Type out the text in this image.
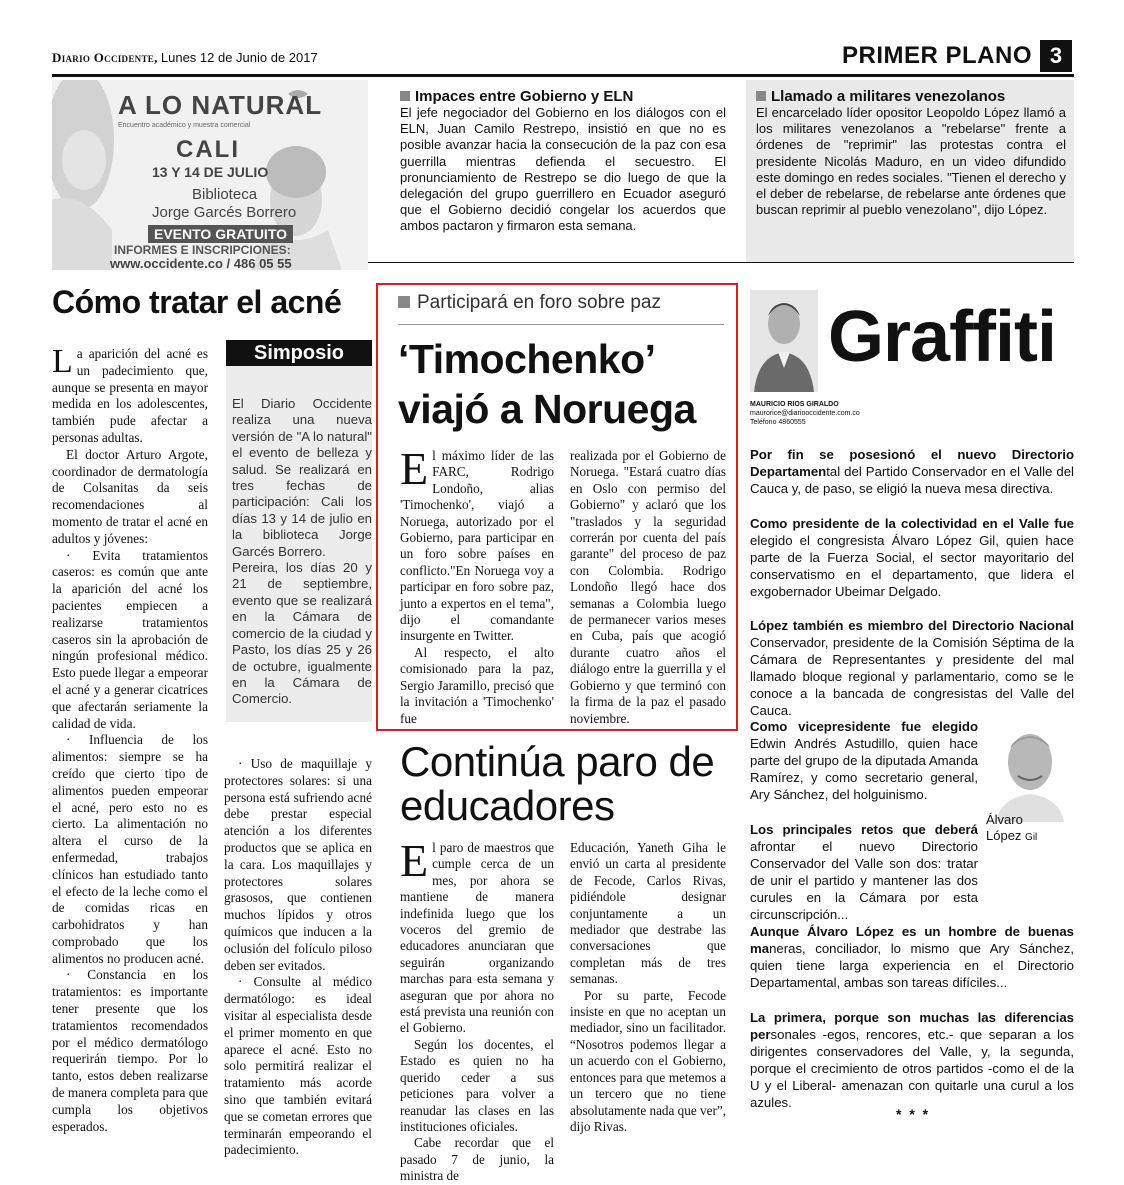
Diario Occidente, Lunes 12 de Junio de 2017	PRIMER PLANO 3
A LO NATURAL
Encuentro académico y muestra comercial
CALI
13 Y 14 DE JULIO
Biblioteca
Jorge Garcés Borrero
EVENTO GRATUITO
INFORMES E INSCRIPCIONES:
www.occidente.co / 486 05 55
Impaces entre Gobierno y ELN
El jefe negociador del Gobierno en los diálogos con el ELN, Juan Camilo Restrepo, insistió en que no es posible avanzar hacia la consecución de la paz con esa guerrilla mientras defienda el secuestro. El pronunciamiento de Restrepo se dio luego de que la delegación del grupo guerrillero en Ecuador aseguró que el Gobierno decidió congelar los acuerdos que ambos pactaron y firmaron esta semana.
Llamado a militares venezolanos
El encarcelado líder opositor Leopoldo López llamó a los militares venezolanos a "rebelarse" frente a órdenes de "reprimir" las protestas contra el presidente Nicolás Maduro, en un video difundido este domingo en redes sociales. "Tienen el derecho y el deber de rebelarse, de rebelarse ante órdenes que buscan reprimir al pueblo venezolano'', dijo López.
Cómo tratar el acné

La aparición del acné es un padecimiento que, aunque se presenta en mayor medida en los adolescentes, también pude afectar a personas adultas.

El doctor Arturo Argote, coordinador de dermatología de Colsanitas da seis recomendaciones al momento de tratar el acné en adultos y jóvenes:

· Evita tratamientos caseros: es común que ante la aparición del acné los pacientes empiecen a realizarse tratamientos caseros sin la aprobación de ningún profesional médico. Esto puede llegar a empeorar el acné y a generar cicatrices que afectarán seriamente la calidad de vida.

· Influencia de los alimentos: siempre se ha creído que cierto tipo de alimentos pueden empeorar el acné, pero esto no es cierto. La alimentación no altera el curso de la enfermedad, trabajos clínicos han estudiado tanto el efecto de la leche como el de comidas ricas en carbohidratos y han comprobado que los alimentos no producen acné.

· Constancia en los tratamientos: es importante tener presente que los tratamientos recomendados por el médico dermatólogo requerirán tiempo. Por lo tanto, estos deben realizarse de manera completa para que cumpla los objetivos esperados.

· Uso de maquillaje y protectores solares: si una persona está sufriendo acné debe prestar especial atención a los diferentes productos que se aplica en la cara. Los maquillajes y protectores solares grasosos, que contienen muchos lípidos y otros químicos que inducen a la oclusión del folículo piloso deben ser evitados.

· Consulte al médico dermatólogo: es ideal visitar al especialista desde el primer momento en que aparece el acné. Esto no solo permitirá realizar el tratamiento más acorde sino que también evitará que se cometan errores que terminarán empeorando el padecimiento.

Simposio

El Diario Occidente realiza una nueva versión de "A lo natural" el evento de belleza y salud. Se realizará en tres fechas de participación: Cali los días 13 y 14 de julio en la biblioteca Jorge Garcés Borrero.

Pereira, los días 20 y 21 de septiembre, evento que se realizará en la Cámara de comercio de la ciudad y Pasto, los días 25 y 26 de octubre, igualmente en la Cámara de Comercio.

Participará en foro sobre paz
‘Timochenko’ viajó a Noruega

El máximo líder de las FARC, Rodrigo Londoño, alias 'Timochenko', viajó a Noruega, autorizado por el Gobierno, para participar en un foro sobre países en conflicto."En Noruega voy a participar en foro sobre paz, junto a expertos en el tema", dijo el comandante insurgente en Twitter.

Al respecto, el alto comisionado para la paz, Sergio Jaramillo, precisó que la invitación a 'Timochenko' fue

realizada por el Gobierno de Noruega. "Estará cuatro días en Oslo con permiso del Gobierno" y aclaró que los "traslados y la seguridad correrán por cuenta del país garante" del proceso de paz con Colombia. Rodrigo Londoño llegó hace dos semanas a Colombia luego de permanecer varios meses en Cuba, país que acogió durante cuatro años el diálogo entre la guerrilla y el Gobierno y que terminó con la firma de la paz el pasado noviembre.

Continúa paro de educadores

El paro de maestros que cumple cerca de un mes, por ahora se mantiene de manera indefinida luego que los voceros del gremio de educadores anunciaran que seguirán organizando marchas para esta semana y aseguran que por ahora no está prevista una reunión con el Gobierno.

Según los docentes, el Estado es quien no ha querido ceder a sus peticiones para volver a reanudar las clases en las instituciones oficiales.

Cabe recordar que el pasado 7 de junio, la ministra de

Educación, Yaneth Giha le envió un carta al presidente de Fecode, Carlos Rivas, pidiéndole designar conjuntamente a un mediador que destrabe las conversaciones que completan más de tres semanas.

Por su parte, Fecode insiste en que no aceptan un mediador, sino un facilitador. “Nosotros podemos llegar a un acuerdo con el Gobierno, entonces para que metemos a un tercero que no tiene absolutamente nada que ver”, dijo Rivas.

Graffiti
MAURICIO RIOS GIRALDO
maurorice@diariooccidente.com.co
Teléfono 4860555
Por fin se posesionó el nuevo Directorio Departamental del Partido Conservador en el Valle del Cauca y, de paso, se eligió la nueva mesa directiva.
Como presidente de la colectividad en el Valle fue elegido el congresista Álvaro López Gil, quien hace parte de la Fuerza Social, el sector mayoritario del conservatismo en el departamento, que lidera el exgobernador Ubeimar Delgado.
López también es miembro del Directorio Nacional Conservador, presidente de la Comisión Séptima de la Cámara de Representantes y presidente del mal llamado bloque regional y parlamentario, como se le conoce a la bancada de congresistas del Valle del Cauca.
Como vicepresidente fue elegido Edwin Andrés Astudillo, quien hace parte del grupo de la diputada Amanda Ramírez, y como secretario general, Ary Sánchez, del holguinismo.
Los principales retos que deberá afrontar el nuevo Directorio Conservador del Valle son dos: tratar de unir el partido y mantener las dos curules en la Cámara por esta circunscripción...
Aunque Álvaro López es un hombre de buenas maneras, conciliador, lo mismo que Ary Sánchez, quien tiene larga experiencia en el Directorio Departamental, ambas son tareas difíciles...
La primera, porque son muchas las diferencias personales -egos, rencores, etc.- que separan a los dirigentes conservadores del Valle, y, la segunda, porque el crecimiento de otros partidos -como el de la U y el Liberal- amenazan con quitarle una curul a los azules.
Álvaro
López Gil
* * *
